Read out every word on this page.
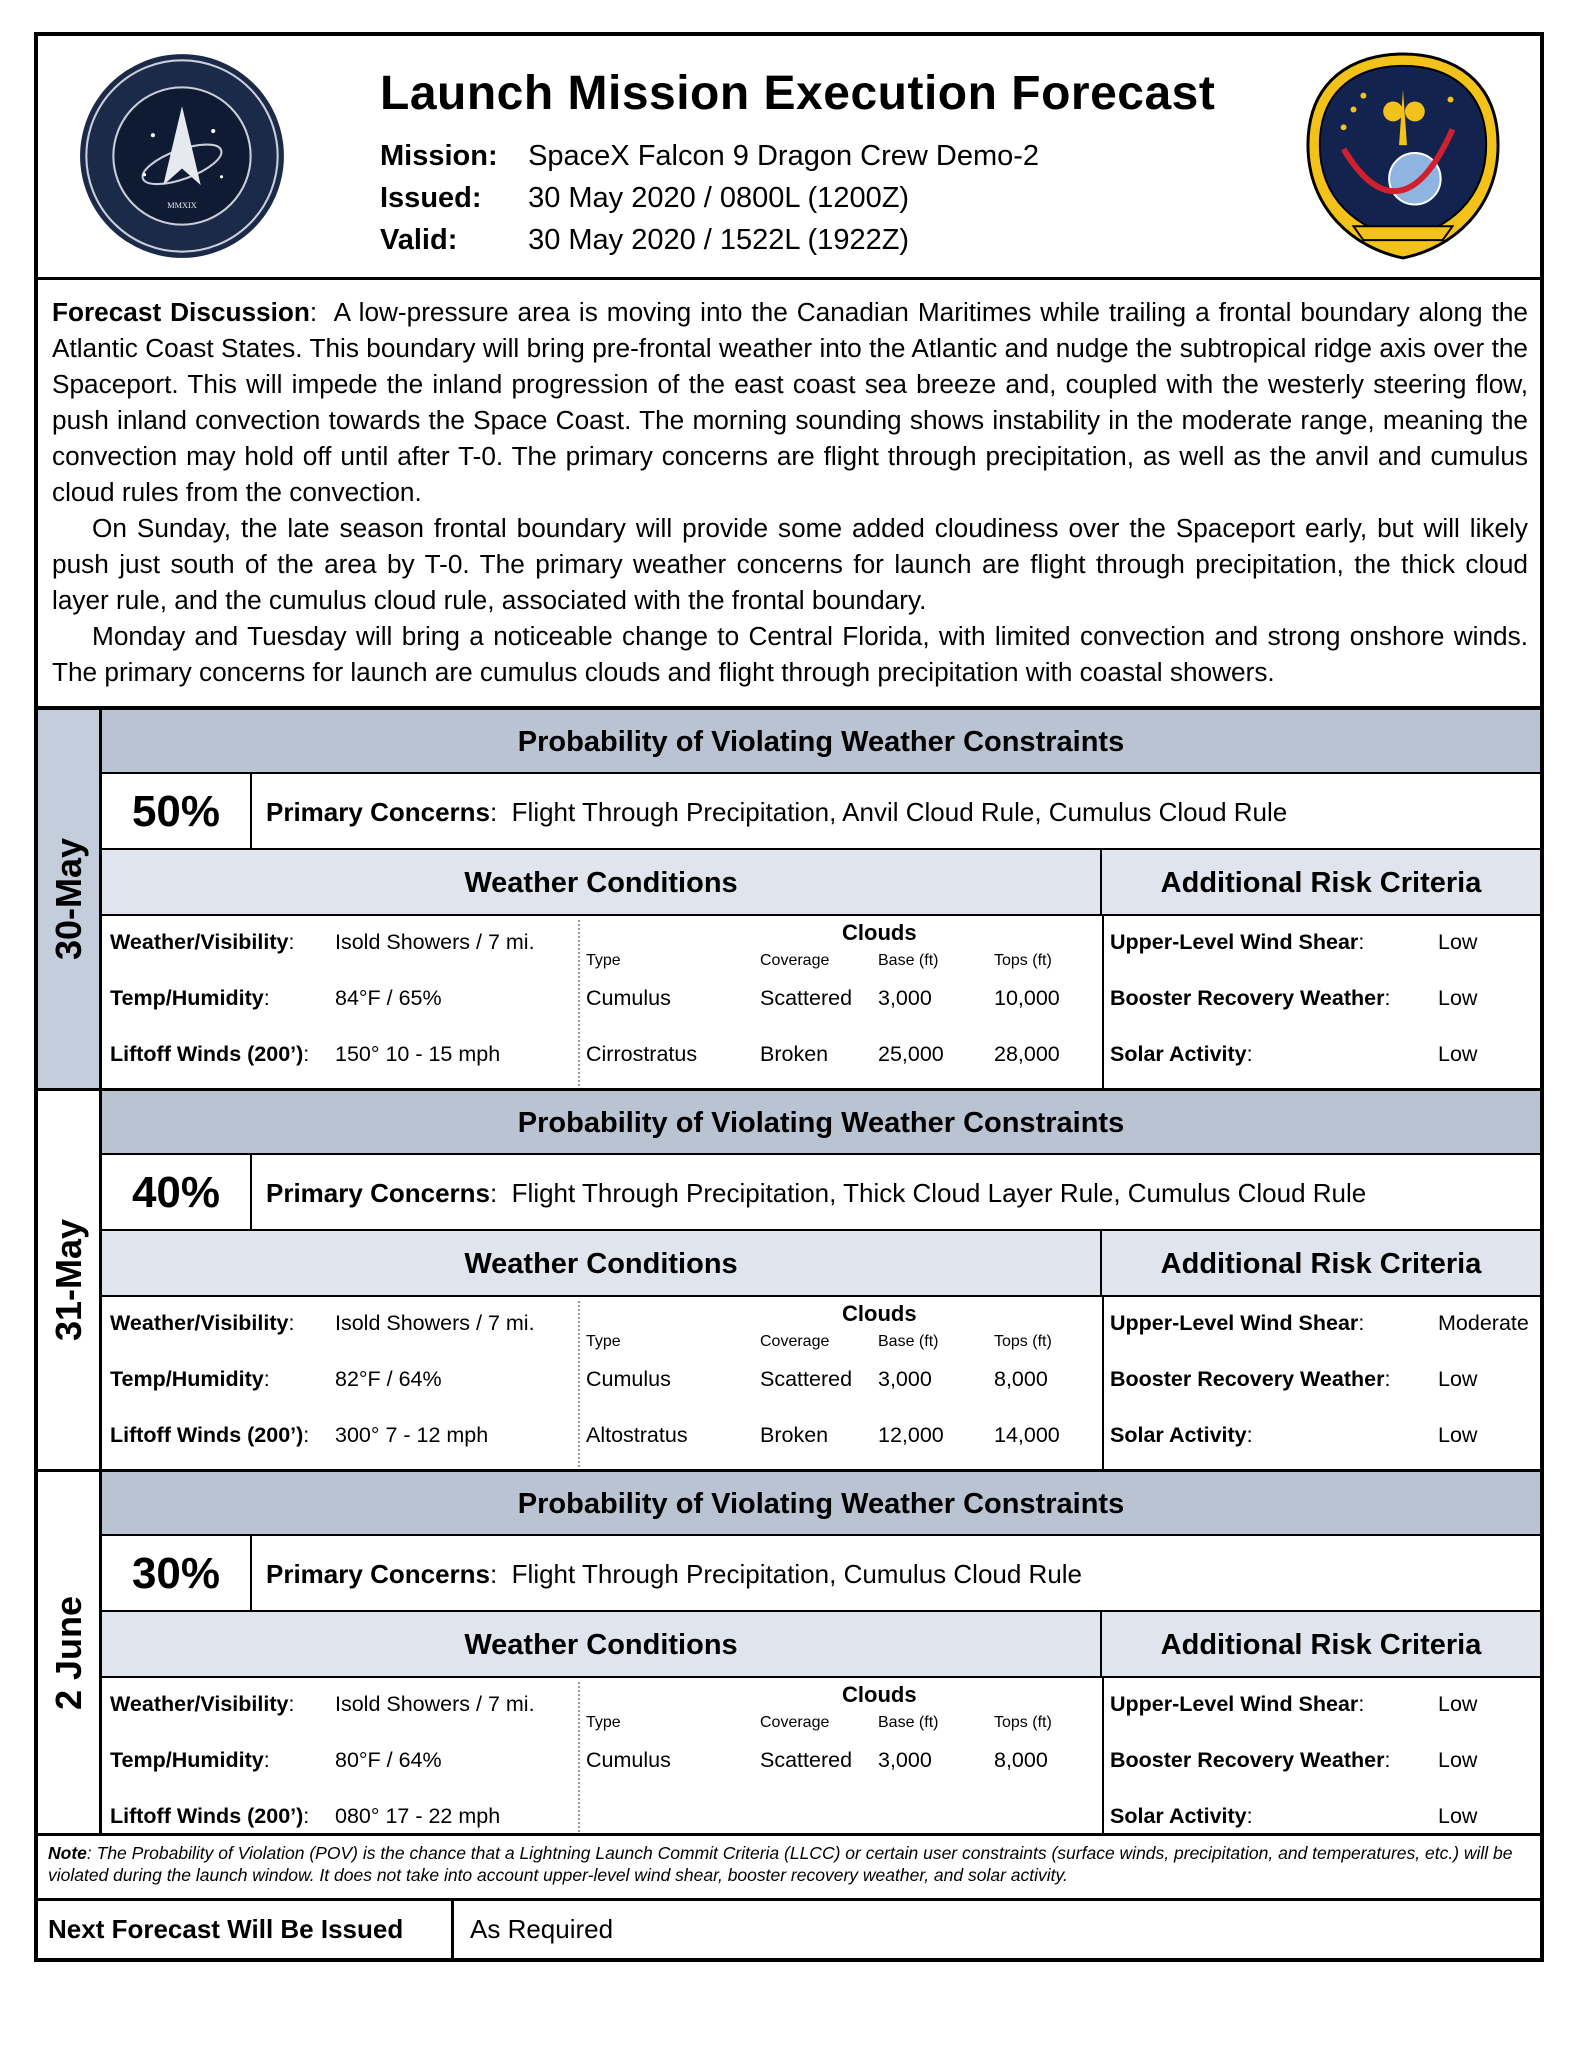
MMXIX
Launch Mission Execution Forecast
Mission: SpaceX Falcon 9 Dragon Crew Demo-2
Issued: 30 May 2020 / 0800L (1200Z)
Valid: 30 May 2020 / 1522L (1922Z)

Forecast Discussion:  A low-pressure area is moving into the Canadian Maritimes while trailing a frontal boundary along the Atlantic Coast States. This boundary will bring pre-frontal weather into the Atlantic and nudge the subtropical ridge axis over the Spaceport. This will impede the inland progression of the east coast sea breeze and, coupled with the westerly steering flow, push inland convection towards the Space Coast. The morning sounding shows instability in the moderate range, meaning the convection may hold off until after T-0. The primary concerns are flight through precipitation, as well as the anvil and cumulus cloud rules from the convection.

On Sunday, the late season frontal boundary will provide some added cloudiness over the Spaceport early, but will likely push just south of the area by T-0. The primary weather concerns for launch are flight through precipitation, the thick cloud layer rule, and the cumulus cloud rule, associated with the frontal boundary.

Monday and Tuesday will bring a noticeable change to Central Florida, with limited convection and strong onshore winds. The primary concerns for launch are cumulus clouds and flight through precipitation with coastal showers.

30-May
Probability of Violating Weather Constraints
50%	Primary Concerns:  Flight Through Precipitation, Anvil Cloud Rule, Cumulus Cloud Rule
Weather Conditions	Additional Risk Criteria
Weather/Visibility: Isold Showers / 7 mi.
Temp/Humidity:	84°F / 65%
Liftoff Winds (200’): 150° 10 - 15 mph
Clouds
Type	Coverage	Base (ft)	Tops (ft)
Cumulus	Scattered 3,000	10,000
Cirrostratus	Broken 25,000 28,000
Upper-Level Wind Shear:	Low
Booster Recovery Weather: Low
Solar Activity:	Low
31-May
Probability of Violating Weather Constraints
40%	Primary Concerns:  Flight Through Precipitation, Thick Cloud Layer Rule, Cumulus Cloud Rule
Weather Conditions	Additional Risk Criteria
Weather/Visibility: Isold Showers / 7 mi.
Temp/Humidity:	82°F / 64%
Liftoff Winds (200’): 300° 7 - 12 mph
Clouds
Type	Coverage	Base (ft)	Tops (ft)
Cumulus	Scattered 3,000	8,000
Altostratus	Broken 12,000 14,000
Upper-Level Wind Shear:	Moderate
Booster Recovery Weather: Low
Solar Activity:	Low
2 June
Probability of Violating Weather Constraints
30%	Primary Concerns:  Flight Through Precipitation, Cumulus Cloud Rule
Weather Conditions	Additional Risk Criteria
Weather/Visibility: Isold Showers / 7 mi.
Temp/Humidity:	80°F / 64%
Liftoff Winds (200’): 080° 17 - 22 mph
Clouds
Type	Coverage	Base (ft)	Tops (ft)
Cumulus	Scattered 3,000	8,000
Upper-Level Wind Shear:	Low
Booster Recovery Weather: Low
Solar Activity:	Low
Note: The Probability of Violation (POV) is the chance that a Lightning Launch Commit Criteria (LLCC) or certain user constraints (surface winds, precipitation, and temperatures, etc.) will be violated during the launch window. It does not take into account upper-level wind shear, booster recovery weather, and solar activity.
Next Forecast Will Be Issued	As Required
